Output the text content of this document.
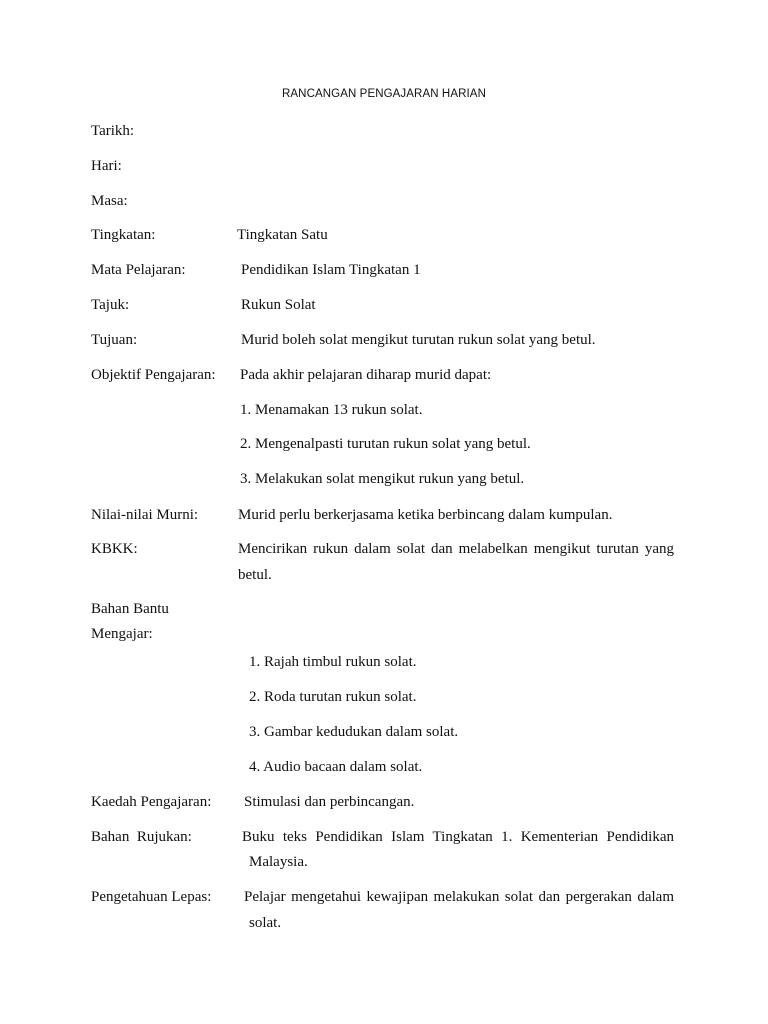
RANCANGAN PENGAJARAN HARIAN
Tarikh:
Hari:
Masa:
Tingkatan:	Tingkatan Satu
Mata Pelajaran:	Pendidikan Islam Tingkatan 1
Tajuk:	Rukun Solat
Tujuan:	Murid boleh solat mengikut turutan rukun solat yang betul.
Objektif Pengajaran: Pada akhir pelajaran diharap murid dapat:
1. Menamakan 13 rukun solat.
2. Mengenalpasti turutan rukun solat yang betul.
3. Melakukan solat mengikut rukun yang betul.
Nilai-nilai Murni:	Murid perlu berkerjasama ketika berbincang dalam kumpulan.
KBKK:	Mencirikan rukun dalam solat dan melabelkan mengikut turutan yang
betul.
Bahan Bantu
Mengajar:
1. Rajah timbul rukun solat.
2. Roda turutan rukun solat.
3. Gambar kedudukan dalam solat.
4. Audio bacaan dalam solat.
Kaedah Pengajaran: Stimulasi dan perbincangan.
Bahan  Rujukan:	Buku teks Pendidikan Islam Tingkatan 1. Kementerian Pendidikan
Malaysia.
Pengetahuan Lepas: Pelajar mengetahui kewajipan melakukan solat dan pergerakan dalam
solat.
